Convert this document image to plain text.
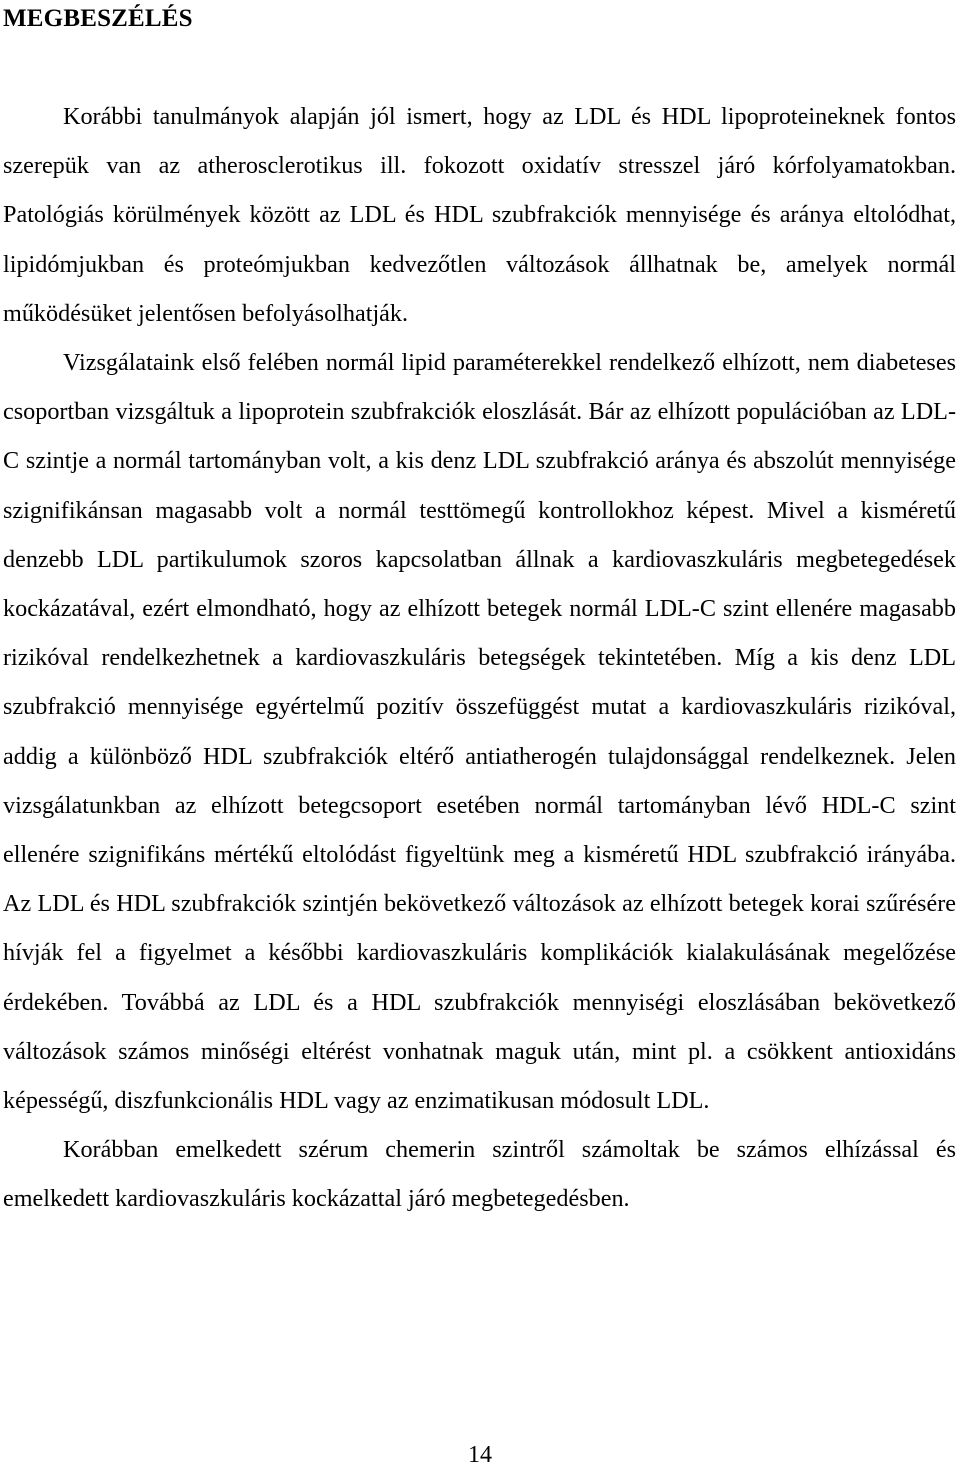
MEGBESZÉLÉS

Korábbi tanulmányok alapján jól ismert, hogy az LDL és HDL lipoproteineknek fontos szerepük van az atherosclerotikus ill. fokozott oxidatív stresszel járó kórfolyamatokban. Patológiás körülmények között az LDL és HDL szubfrakciók mennyisége és aránya eltolódhat, lipidómjukban és proteómjukban kedvezőtlen változások állhatnak be, amelyek normál működésüket jelentősen befolyásolhatják.

Vizsgálataink első felében normál lipid paraméterekkel rendelkező elhízott, nem diabeteses csoportban vizsgáltuk a lipoprotein szubfrakciók eloszlását. Bár az elhízott populációban az LDL-C szintje a normál tartományban volt, a kis denz LDL szubfrakció aránya és abszolút mennyisége szignifikánsan magasabb volt a normál testtömegű kontrollokhoz képest. Mivel a kisméretű denzebb LDL partikulumok szoros kapcsolatban állnak a kardiovaszkuláris megbetegedések kockázatával, ezért elmondható, hogy az elhízott betegek normál LDL-C szint ellenére magasabb rizikóval rendelkezhetnek a kardiovaszkuláris betegségek tekintetében. Míg a kis denz LDL szubfrakció mennyisége egyértelmű pozitív összefüggést mutat a kardiovaszkuláris rizikóval, addig a különböző HDL szubfrakciók eltérő antiatherogén tulajdonsággal rendelkeznek. Jelen vizsgálatunkban az elhízott betegcsoport esetében normál tartományban lévő HDL-C szint ellenére szignifikáns mértékű eltolódást figyeltünk meg a kisméretű HDL szubfrakció irányába. Az LDL és HDL szubfrakciók szintjén bekövetkező változások az elhízott betegek korai szűrésére hívják fel a figyelmet a későbbi kardiovaszkuláris komplikációk kialakulásának megelőzése érdekében. Továbbá az LDL és a HDL szubfrakciók mennyiségi eloszlásában bekövetkező változások számos minőségi eltérést vonhatnak maguk után, mint pl. a csökkent antioxidáns képességű, diszfunkcionális HDL vagy az enzimatikusan módosult LDL.

Korábban emelkedett szérum chemerin szintről számoltak be számos elhízással és emelkedett kardiovaszkuláris kockázattal járó megbetegedésben.

14
